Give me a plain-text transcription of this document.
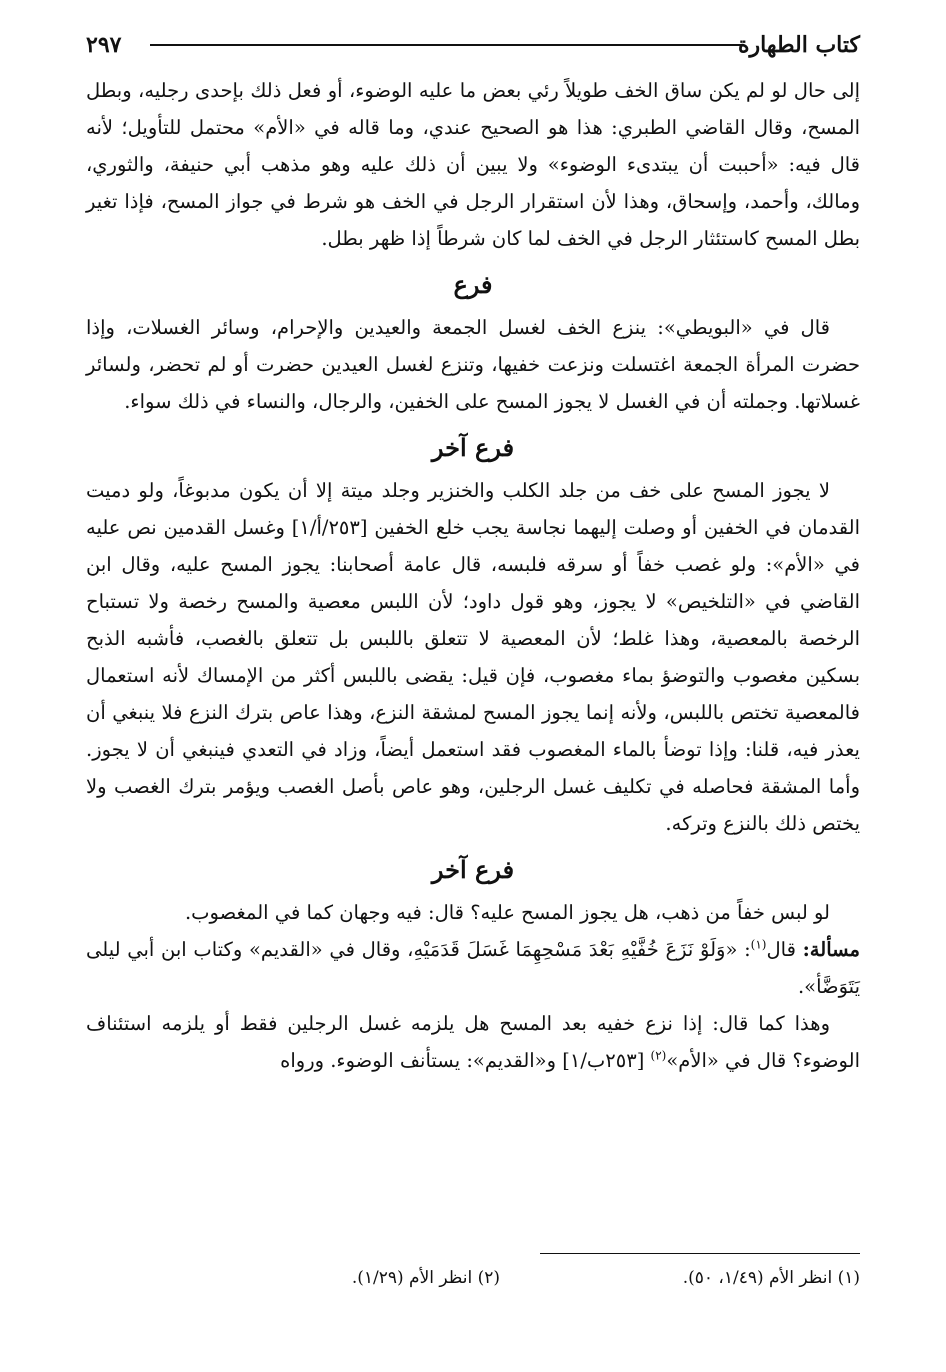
كتاب الطهارة
٢٩٧

إلى حال لو لم يكن ساق الخف طويلاً رئي بعض ما عليه الوضوء، أو فعل ذلك بإحدى رجليه، وبطل المسح، وقال القاضي الطبري: هذا هو الصحيح عندي، وما قاله في «الأم» محتمل للتأويل؛ لأنه قال فيه: «أحببت أن يبتدىء الوضوء» ولا يبين أن ذلك عليه وهو مذهب أبي حنيفة، والثوري، ومالك، وأحمد، وإسحاق، وهذا لأن استقرار الرجل في الخف هو شرط في جواز المسح، فإذا تغير بطل المسح كاستئثار الرجل في الخف لما كان شرطاً إذا ظهر بطل.

فرع

قال في «البويطي»: ينزع الخف لغسل الجمعة والعيدين والإحرام، وسائر الغسلات، وإذا حضرت المرأة الجمعة اغتسلت ونزعت خفيها، وتنزع لغسل العيدين حضرت أو لم تحضر، ولسائر غسلاتها. وجملته أن في الغسل لا يجوز المسح على الخفين، والرجال، والنساء في ذلك سواء.

فرع آخر

لا يجوز المسح على خف من جلد الكلب والخنزير وجلد ميتة إلا أن يكون مدبوغاً، ولو دميت القدمان في الخفين أو وصلت إليهما نجاسة يجب خلع الخفين [٢٥٣/أ/١] وغسل القدمين نص عليه في «الأم»: ولو غصب خفاً أو سرقه فلبسه، قال عامة أصحابنا: يجوز المسح عليه، وقال ابن القاضي في «التلخيص» لا يجوز، وهو قول داود؛ لأن اللبس معصية والمسح رخصة ولا تستباح الرخصة بالمعصية، وهذا غلط؛ لأن المعصية لا تتعلق باللبس بل تتعلق بالغصب، فأشبه الذبح بسكين مغصوب والتوضؤ بماء مغصوب، فإن قيل: يقضى باللبس أكثر من الإمساك لأنه استعمال فالمعصية تختص باللبس، ولأنه إنما يجوز المسح لمشقة النزع، وهذا عاص بترك النزع فلا ينبغي أن يعذر فيه، قلنا: وإذا توضأ بالماء المغصوب فقد استعمل أيضاً، وزاد في التعدي فينبغي أن لا يجوز. وأما المشقة فحاصله في تكليف غسل الرجلين، وهو عاص بأصل الغصب ويؤمر بترك الغصب ولا يختص ذلك بالنزع وتركه.

فرع آخر

لو لبس خفاً من ذهب، هل يجوز المسح عليه؟ قال: فيه وجهان كما في المغصوب.

مسألة: قال$^{(١)}$: «وَلَوْ نَزَعَ خُفَّيْهِ بَعْدَ مَسْحِهِمَا غَسَلَ قَدَمَيْهِ، وقال في «القديم» وكتاب ابن أبي ليلى يَتَوَضَّأ».

وهذا كما قال: إذا نزع خفيه بعد المسح هل يلزمه غسل الرجلين فقط أو يلزمه استئناف الوضوء؟ قال في «الأم»$^{(٢)}$ [٢٥٣ب/١] و«القديم»: يستأنف الوضوء. ورواه

(١) انظر الأم (١/٤٩، ٥٠).
(٢) انظر الأم (١/٢٩).
